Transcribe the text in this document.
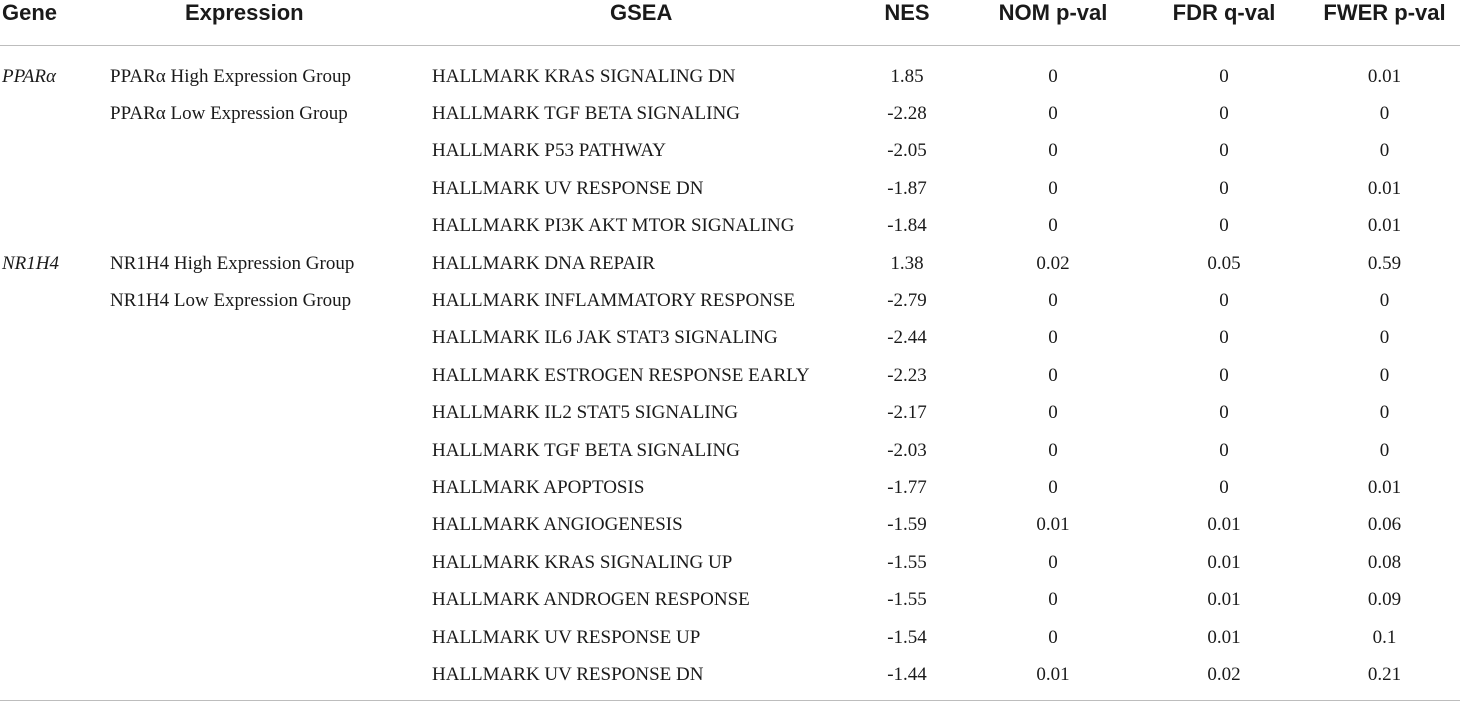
Gene	Expression	GSEA	NES	NOM p-val	FDR q-val	FWER p-val
PPARα	PPARα High Expression Group	HALLMARK KRAS SIGNALING DN	1.85	0	0	0.01
	PPARα Low Expression Group	HALLMARK TGF BETA SIGNALING	-2.28	0	0	0
		HALLMARK P53 PATHWAY	-2.05	0	0	0
		HALLMARK UV RESPONSE DN	-1.87	0	0	0.01
		HALLMARK PI3K AKT MTOR SIGNALING	-1.84	0	0	0.01
NR1H4	NR1H4 High Expression Group	HALLMARK DNA REPAIR	1.38	0.02	0.05	0.59
	NR1H4 Low Expression Group	HALLMARK INFLAMMATORY RESPONSE	-2.79	0	0	0
		HALLMARK IL6 JAK STAT3 SIGNALING	-2.44	0	0	0
		HALLMARK ESTROGEN RESPONSE EARLY	-2.23	0	0	0
		HALLMARK IL2 STAT5 SIGNALING	-2.17	0	0	0
		HALLMARK TGF BETA SIGNALING	-2.03	0	0	0
		HALLMARK APOPTOSIS	-1.77	0	0	0.01
		HALLMARK ANGIOGENESIS	-1.59	0.01	0.01	0.06
		HALLMARK KRAS SIGNALING UP	-1.55	0	0.01	0.08
		HALLMARK ANDROGEN RESPONSE	-1.55	0	0.01	0.09
		HALLMARK UV RESPONSE UP	-1.54	0	0.01	0.1
		HALLMARK UV RESPONSE DN	-1.44	0.01	0.02	0.21
